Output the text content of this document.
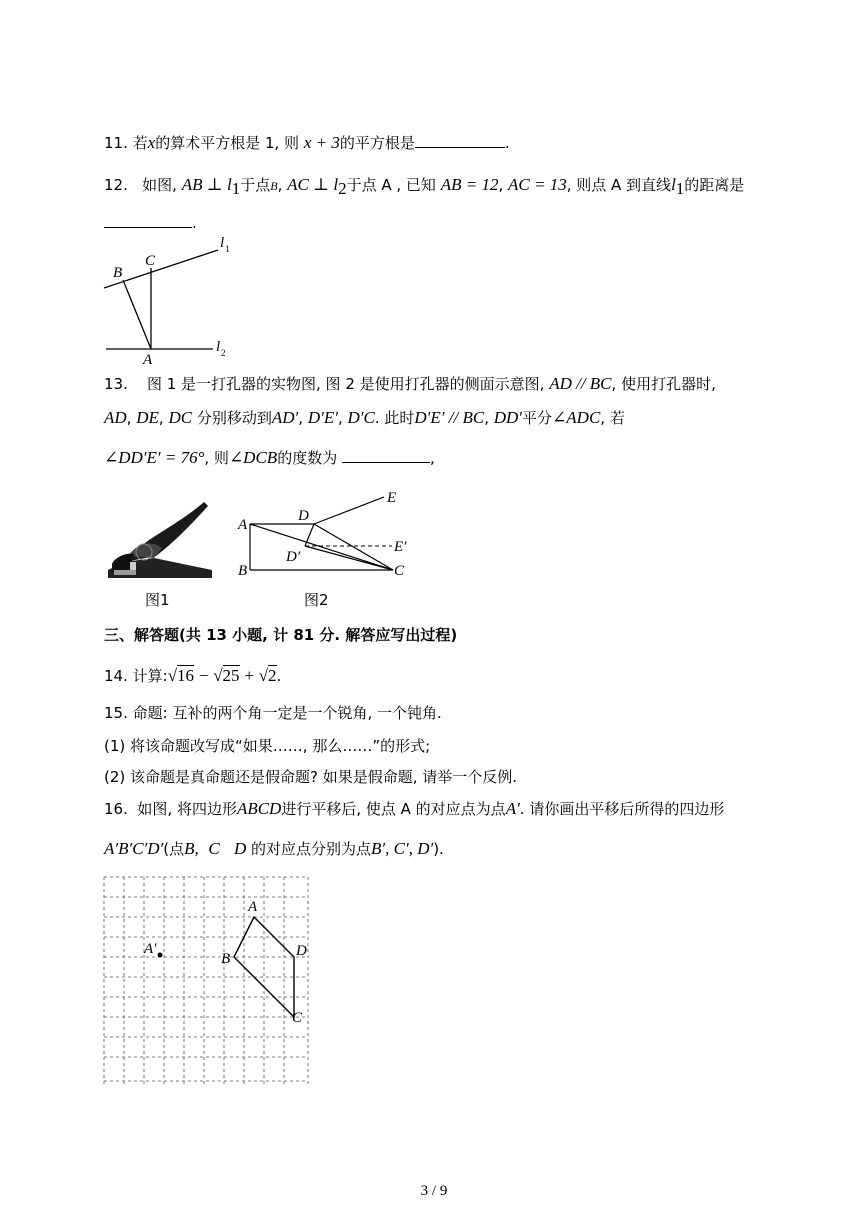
11. 若x的算术平方根是 1, 则 x + 3的平方根是	.
12. 如图, AB ⊥ $l_1$于点B, AC ⊥ $l_2$于点 A , 已知 AB = 12, AC = 13, 则点 A 到直线$l_1$的距离是
.
B
C
A
l 1
l 2
13. 图 1 是一打孔器的实物图, 图 2 是使用打孔器的侧面示意图, AD // BC, 使用打孔器时,
AD, DE, DC 分别移动到AD′, D′E′, D′C. 此时D′E′ // BC, DD′平分∠ADC, 若
∠DD′E′ = 76°, 则∠DCB的度数为	,
图1
A
B	C
D
D′
E
E′
图2
三、解答题(共 13 小题, 计 81 分. 解答应写出过程)
14. 计算:√16 − √25 + √2.
15. 命题: 互补的两个角一定是一个锐角, 一个钝角.
(1) 将该命题改写成“如果……, 那么……”的形式;
(2) 该命题是真命题还是假命题? 如果是假命题, 请举一个反例.
16. 如图, 将四边形ABCD进行平移后, 使点 A 的对应点为点A′. 请你画出平移后所得的四边形
A′B′C′D′(点B, C D 的对应点分别为点B′, C′, D′).
A
B
C
D
A′
3 / 9
